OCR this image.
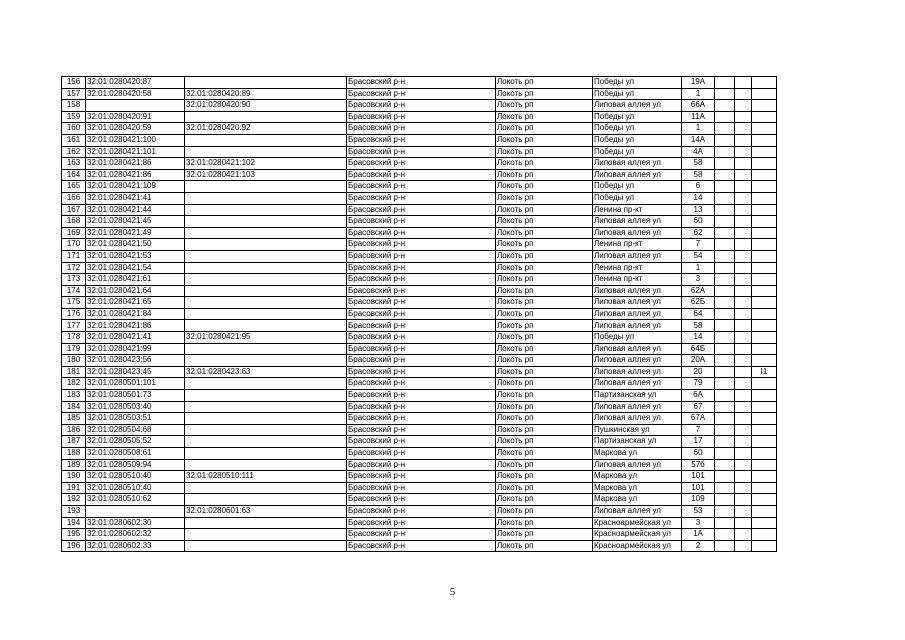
156	32:01:0280420:87		Брасовский р-н	Локоть рп	Победы ул	19А			
157	32:01:0280420:58	32:01:0280420:89	Брасовский р-н	Локоть рп	Победы ул	1			
158		32:01:0280420:90	Брасовский р-н	Локоть рп	Липовая аллея ул	66А			
159	32:01:0280420:91		Брасовский р-н	Локоть рп	Победы ул	11А			
160	32:01:0280420:59	32:01:0280420:92	Брасовский р-н	Локоть рп	Победы ул	1			
161	32:01:0280421:100		Брасовский р-н	Локоть рп	Победы ул	14А			
162	32:01:0280421:101		Брасовский р-н	Локоть рп	Победы ул	4А			
163	32:01:0280421:86	32:01:0280421:102	Брасовский р-н	Локоть рп	Липовая аллея ул	58			
164	32:01:0280421:86	32:01:0280421:103	Брасовский р-н	Локоть рп	Липовая аллея ул	58			
165	32:01:0280421:109		Брасовский р-н	Локоть рп	Победы ул	6			
166	32:01:0280421:41		Брасовский р-н	Локоть рп	Победы ул	14			
167	32:01:0280421:44		Брасовский р-н	Локоть рп	Ленина пр-кт	13			
168	32:01:0280421:45		Брасовский р-н	Локоть рп	Липовая аллея ул	60			
169	32:01:0280421:49		Брасовский р-н	Локоть рп	Липовая аллея ул	62			
170	32:01:0280421:50		Брасовский р-н	Локоть рп	Ленина пр-кт	7			
171	32:01:0280421:53		Брасовский р-н	Локоть рп	Липовая аллея ул	54			
172	32:01:0280421:54		Брасовский р-н	Локоть рп	Ленина пр-кт	1			
173	32:01:0280421:61		Брасовский р-н	Локоть рп	Ленина пр-кт	3			
174	32:01:0280421:64		Брасовский р-н	Локоть рп	Липовая аллея ул	62А			
175	32:01:0280421:65		Брасовский р-н	Локоть рп	Липовая аллея ул	62Б			
176	32:01:0280421:84		Брасовский р-н	Локоть рп	Липовая аллея ул	64			
177	32:01:0280421:86		Брасовский р-н	Локоть рп	Липовая аллея ул	58			
178	32:01:0280421:41	32:01:0280421:95	Брасовский р-н	Локоть рп	Победы ул	14			
179	32:01:0280421:99		Брасовский р-н	Локоть рп	Липовая аллея ул	64Б			
180	32:01:0280423:56		Брасовский р-н	Локоть рп	Липовая аллея ул	20А			
181	32:01:0280423:45	32:01:0280423:63	Брасовский р-н	Локоть рп	Липовая аллея ул	20			I1
182	32:01:0280501:101		Брасовский р-н	Локоть рп	Липовая аллея ул	79			
183	32:01:0280501:73		Брасовский р-н	Локоть рп	Партизанская ул	6А			
184	32:01:0280503:40		Брасовский р-н	Локоть рп	Липовая аллея ул	67			
185	32:01:0280503:51		Брасовский р-н	Локоть рп	Липовая аллея ул	67А			
186	32:01:0280504:68		Брасовский р-н	Локоть рп	Пушкинская ул	7			
187	32:01:0280505:52		Брасовский р-н	Локоть рп	Партизанская ул	17			
188	32:01:0280508:61		Брасовский р-н	Локоть рп	Маркова ул	60			
189	32:01:0280509:94		Брасовский р-н	Локоть рп	Липовая аллея ул	57б			
190	32:01:0280510:40	32:01:0280510:111	Брасовский р-н	Локоть рп	Маркова ул	101			
191	32:01:0280510:40		Брасовский р-н	Локоть рп	Маркова ул	101			
192	32:01:0280510:62		Брасовский р-н	Локоть рп	Маркова ул	109			
193		32:01:0280601:63	Брасовский р-н	Локоть рп	Липовая аллея ул	53			
194	32:01:0280602:30		Брасовский р-н	Локоть рп	Красноармейская ул	3			
195	32:01:0280602:32		Брасовский р-н	Локоть рп	Красноармейская ул	1А			
196	32:01:0280602:33		Брасовский р-н	Локоть рп	Красноармейская ул	2			
5
